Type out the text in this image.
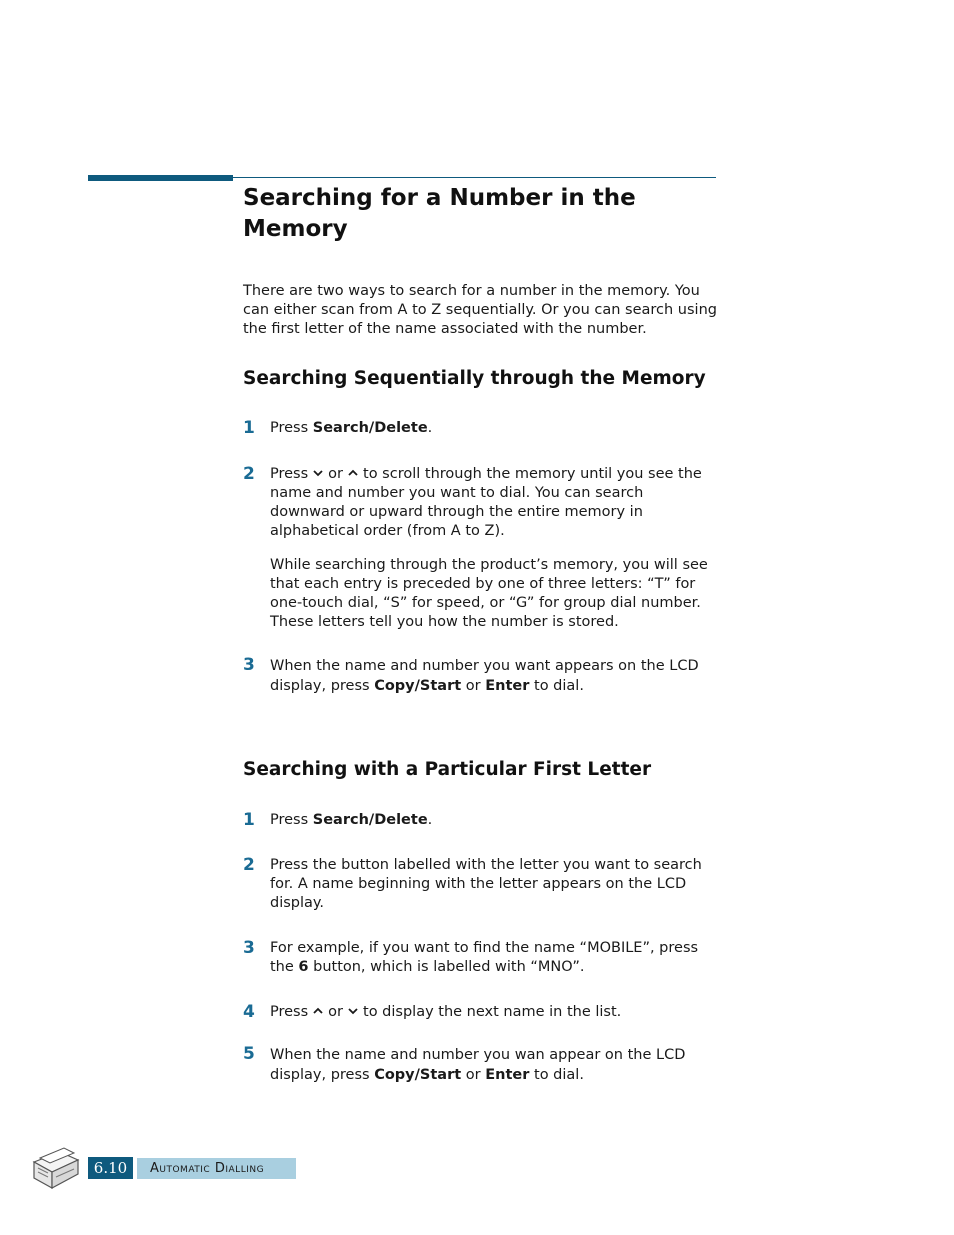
Searching for a Number in the Memory

There are two ways to search for a number in the memory. You can either scan from A to Z sequentially. Or you can search using the first letter of the name associated with the number.

Searching Sequentially through the Memory
1 Press Search/Delete.

2 Press or to scroll through the memory until you see the name and number you want to dial. You can search downward or upward through the entire memory in alphabetical order (from A to Z).

While searching through the product’s memory, you will see that each entry is preceded by one of three letters: “T” for one-touch dial, “S” for speed, or “G” for group dial number. These letters tell you how the number is stored.

3 When the name and number you want appears on the LCD display, press Copy/Start or Enter to dial.

Searching with a Particular First Letter
1 Press Search/Delete.

2 Press the button labelled with the letter you want to search for. A name beginning with the letter appears on the LCD display.

3 For example, if you want to find the name “MOBILE”, press the 6 button, which is labelled with “MNO”.

4 Press or to display the next name in the list.

5 When the name and number you wan appear on the LCD display, press Copy/Start or Enter to dial.

6.10	Automatic Dialling
